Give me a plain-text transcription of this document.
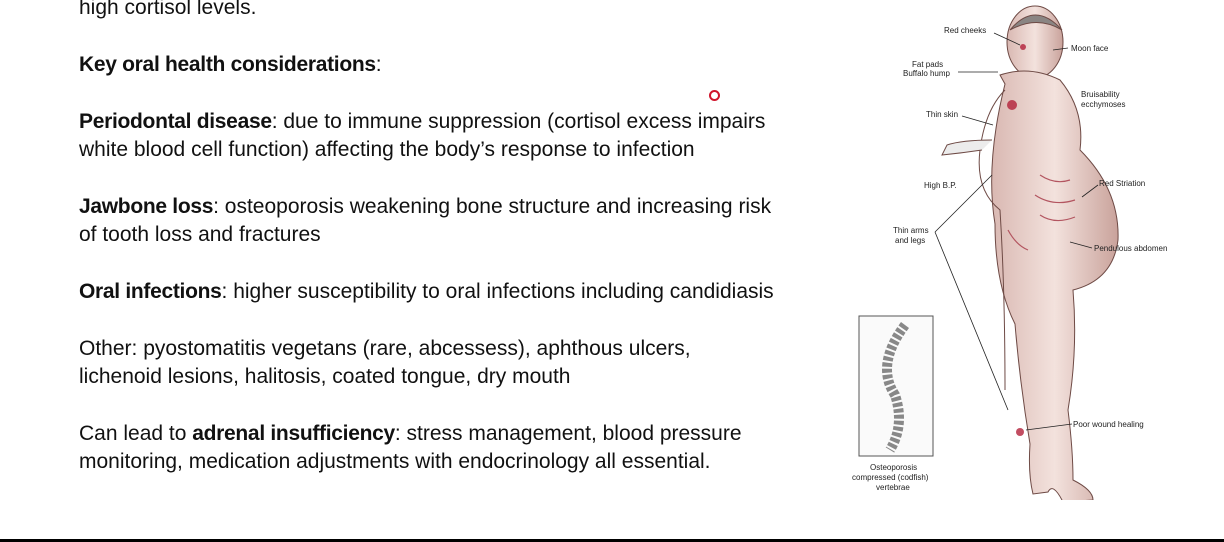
high cortisol levels.

Key oral health considerations:

Periodontal disease: due to immune suppression (cortisol excess impairs

white blood cell function) affecting the body’s response to infection

Jawbone loss: osteoporosis weakening bone structure and increasing risk

of tooth loss and fractures

Oral infections: higher susceptibility to oral infections including candidiasis

Other: pyostomatitis vegetans (rare, abcessess), aphthous ulcers,

lichenoid lesions, halitosis, coated tongue, dry mouth

Can lead to adrenal insufficiency: stress management, blood pressure

monitoring, medication adjustments with endocrinology all essential.

Red cheeks
Moon face
Fat pads
Buffalo hump
Bruisability
ecchymoses
Thin skin
High B.P.	Red Striation
Thin arms
and legs
Pendulous abdomen
Poor wound healing
Osteoporosis
compressed (codfish)
vertebrae
